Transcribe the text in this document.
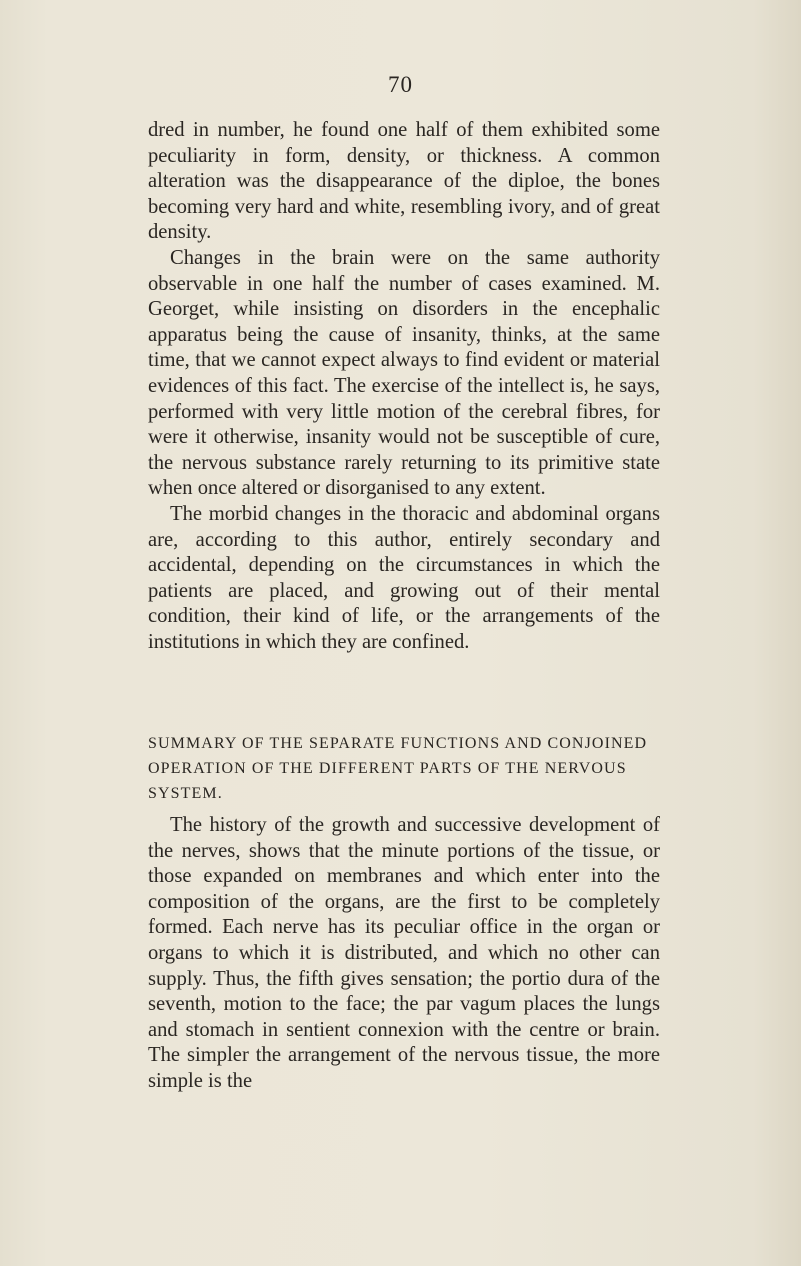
70

dred in number, he found one half of them exhibited some peculiarity in form, density, or thickness. A common alteration was the disappearance of the diploe, the bones becoming very hard and white, resembling ivory, and of great density.

Changes in the brain were on the same authority observable in one half the number of cases examined. M. Georget, while insisting on disorders in the encephalic apparatus being the cause of insanity, thinks, at the same time, that we cannot expect always to find evident or material evidences of this fact. The exercise of the intellect is, he says, performed with very little motion of the cerebral fibres, for were it otherwise, insanity would not be susceptible of cure, the nervous substance rarely returning to its primitive state when once altered or disorganised to any extent.

The morbid changes in the thoracic and abdominal organs are, according to this author, entirely secondary and accidental, depending on the circumstances in which the patients are placed, and growing out of their mental condition, their kind of life, or the arrangements of the institutions in which they are confined.

SUMMARY OF THE SEPARATE FUNCTIONS AND CONJOINED OPERATION OF THE DIFFERENT PARTS OF THE NERVOUS SYSTEM.

The history of the growth and successive development of the nerves, shows that the minute portions of the tissue, or those expanded on membranes and which enter into the composition of the organs, are the first to be completely formed. Each nerve has its peculiar office in the organ or organs to which it is distributed, and which no other can supply. Thus, the fifth gives sensation; the portio dura of the seventh, motion to the face; the par vagum places the lungs and stomach in sentient connexion with the centre or brain. The simpler the arrangement of the nervous tissue, the more simple is the
